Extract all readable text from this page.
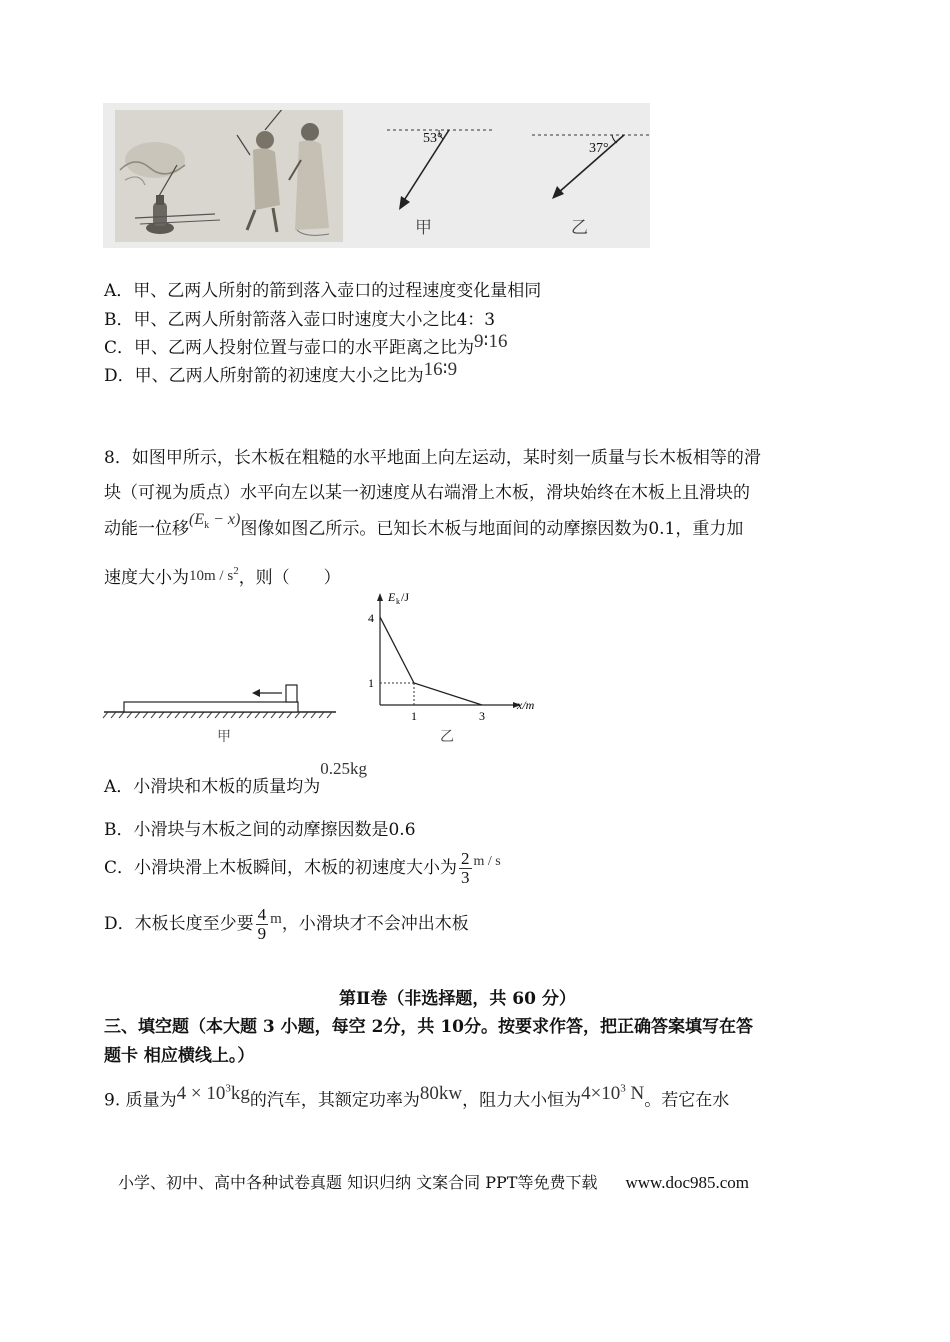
53°
甲
37°
乙
A．甲、乙两人所射的箭到落入壶口的过程速度变化量相同
B．甲、乙两人所射箭落入壶口时速度大小之比4：3
C．甲、乙两人投射位置与壶口的水平距离之比为9∶16
D．甲、乙两人所射箭的初速度大小之比为16∶9
8．如图甲所示，长木板在粗糙的水平地面上向左运动，某时刻一质量与长木板相等的滑
块（可视为质点）水平向左以某一初速度从右端滑上木板，滑块始终在木板上且滑块的
动能一位移$(E_k - x)$图像如图乙所示。已知长木板与地面间的动摩擦因数为0.1，重力加
速度大小为$10m / s^2$，则（　　）
甲
4
1
1	3
E k /J
x/m
乙
A．小滑块和木板的质量均为0.25kg
B．小滑块与木板之间的动摩擦因数是0.6
C．小滑块滑上木板瞬间，木板的初速度大小为 $\frac{2}{3}$ m / s
D．木板长度至少要 $\frac{4}{9}$ m ，小滑块才不会冲出木板
第Ⅱ卷（非选择题，共 60 分）
三、填空题（本大题 3 小题，每空 2分，共 10分。按要求作答，把正确答案填写在答
题卡 相应横线上。）
9. 质量为$4 \times 10^3kg$的汽车，其额定功率为80kw，阻力大小恒为$4\times 10^3$ N。若它在水
小学、初中、高中各种试卷真题 知识归纳 文案合同 PPT等免费下载 www.doc985.com
